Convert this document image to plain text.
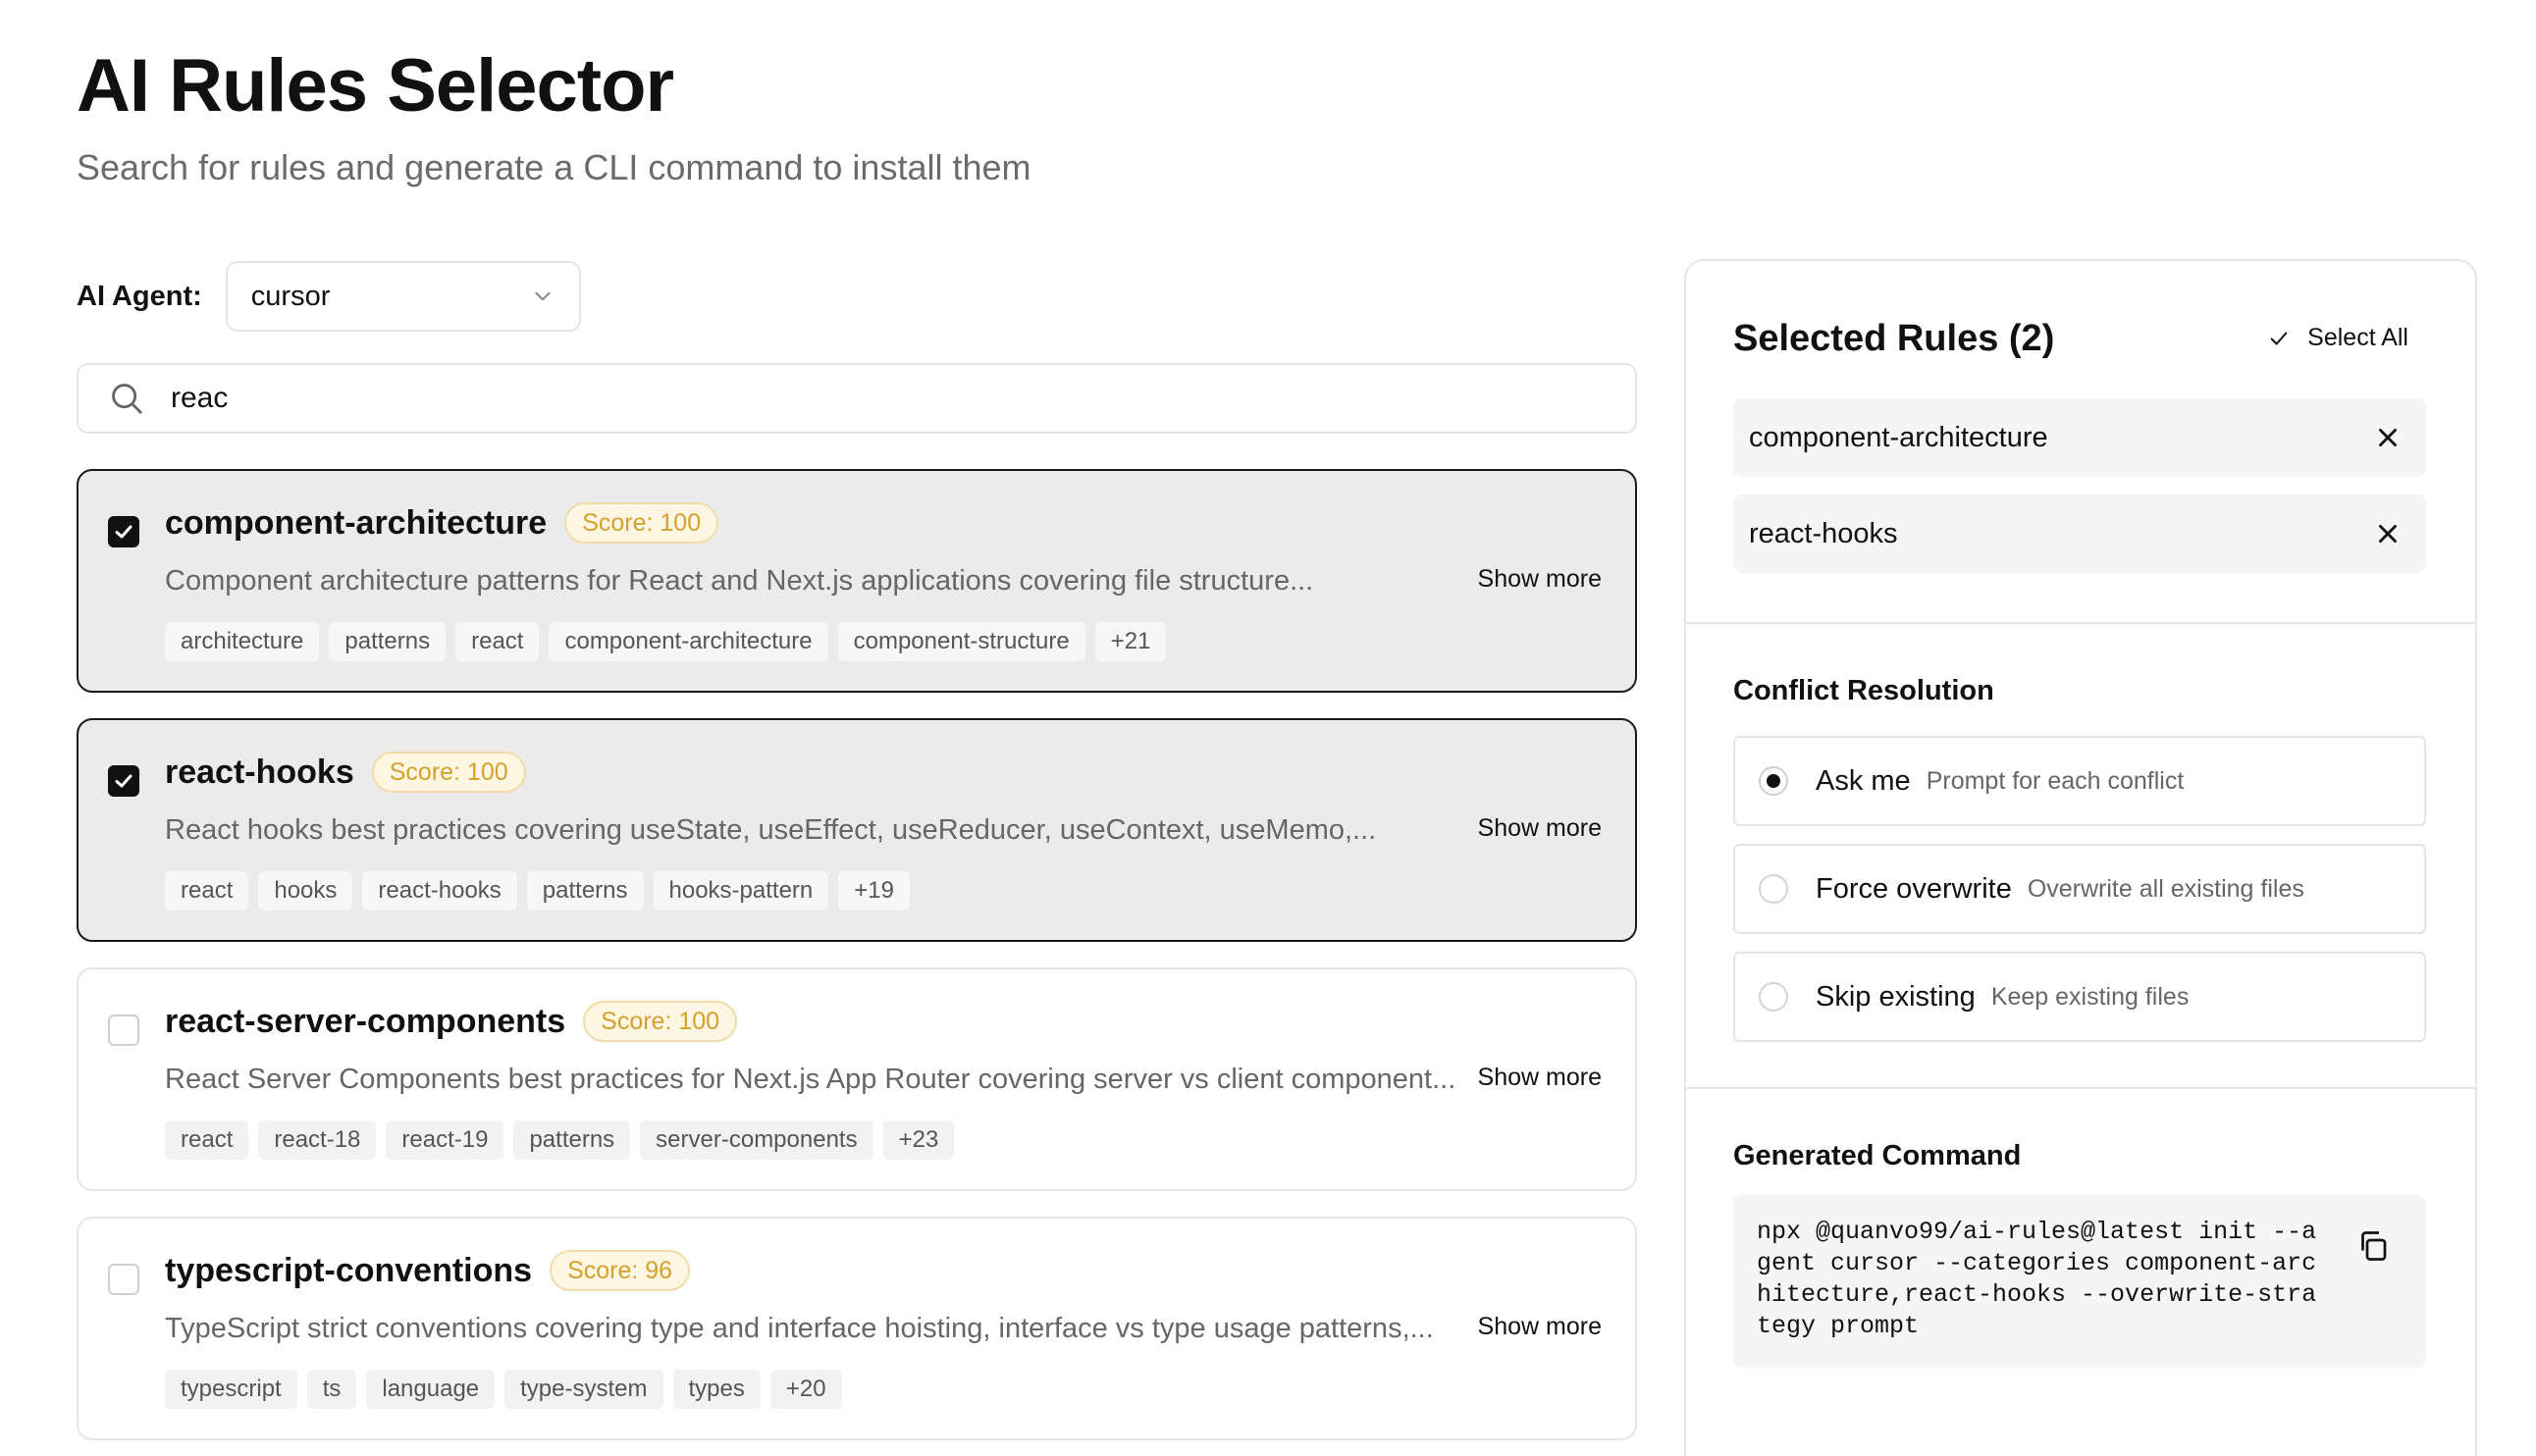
AI Rules Selector

Search for rules and generate a CLI command to install them

AI Agent: cursor
reac
component-architecture	Score: 100
Component architecture patterns for React and Next.js applications covering file structure...	Show more
architecture	patterns	react	component-architecture	component-structure	+21
react-hooks	Score: 100
React hooks best practices covering useState, useEffect, useReducer, useContext, useMemo,...	Show more
react	hooks	react-hooks	patterns	hooks-pattern	+19
react-server-components	Score: 100
React Server Components best practices for Next.js App Router covering server vs client component... Show more
react	react-18	react-19	patterns	server-components	+23
typescript-conventions	Score: 96
TypeScript strict conventions covering type and interface hoisting, interface vs type usage patterns,...	Show more
typescript	ts	language	type-system	types	+20
Selected Rules (2)	Select All
component-architecture
react-hooks
Conflict Resolution
Ask me Prompt for each conflict
Force overwrite Overwrite all existing files
Skip existing Keep existing files
Generated Command
npx @quanvo99/ai-rules@latest init --agent cursor --categories component-architecture,react-hooks --overwrite-strategy prompt
